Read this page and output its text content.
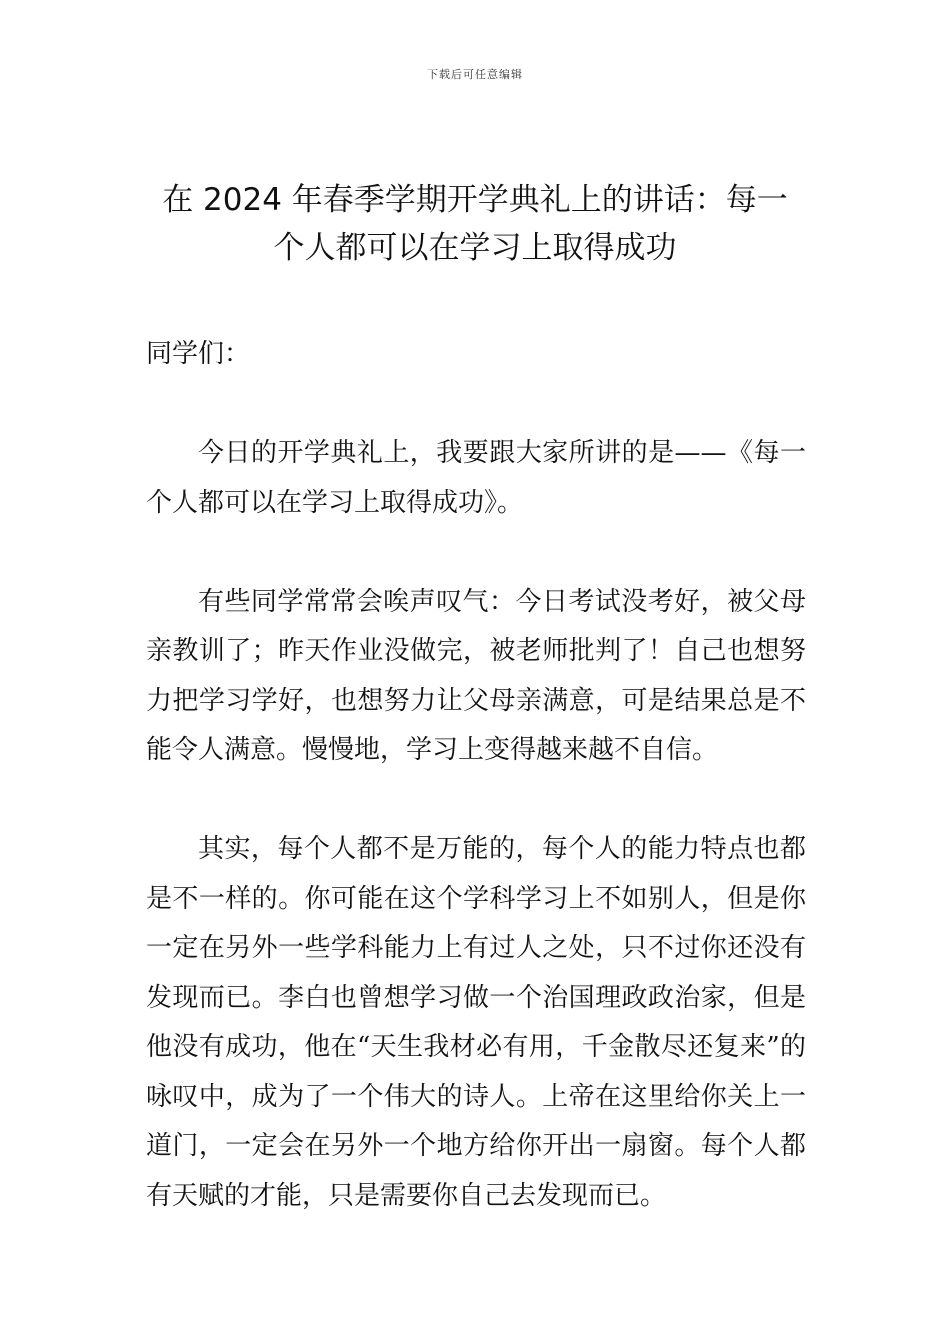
下载后可任意编辑
在 2024 年春季学期开学典礼上的讲话：每一个人都可以在学习上取得成功

同学们：

今日的开学典礼上，我要跟大家所讲的是——《每一个人都可以在学习上取得成功》。

有些同学常常会唉声叹气：今日考试没考好，被父母亲教训了；昨天作业没做完，被老师批判了！自己也想努力把学习学好，也想努力让父母亲满意，可是结果总是不能令人满意。慢慢地，学习上变得越来越不自信。

其实，每个人都不是万能的，每个人的能力特点也都是不一样的。你可能在这个学科学习上不如别人，但是你一定在另外一些学科能力上有过人之处，只不过你还没有发现而已。李白也曾想学习做一个治国理政政治家，但是他没有成功，他在“天生我材必有用，千金散尽还复来”的咏叹中，成为了一个伟大的诗人。上帝在这里给你关上一道门，一定会在另外一个地方给你开出一扇窗。每个人都有天赋的才能，只是需要你自己去发现而已。
